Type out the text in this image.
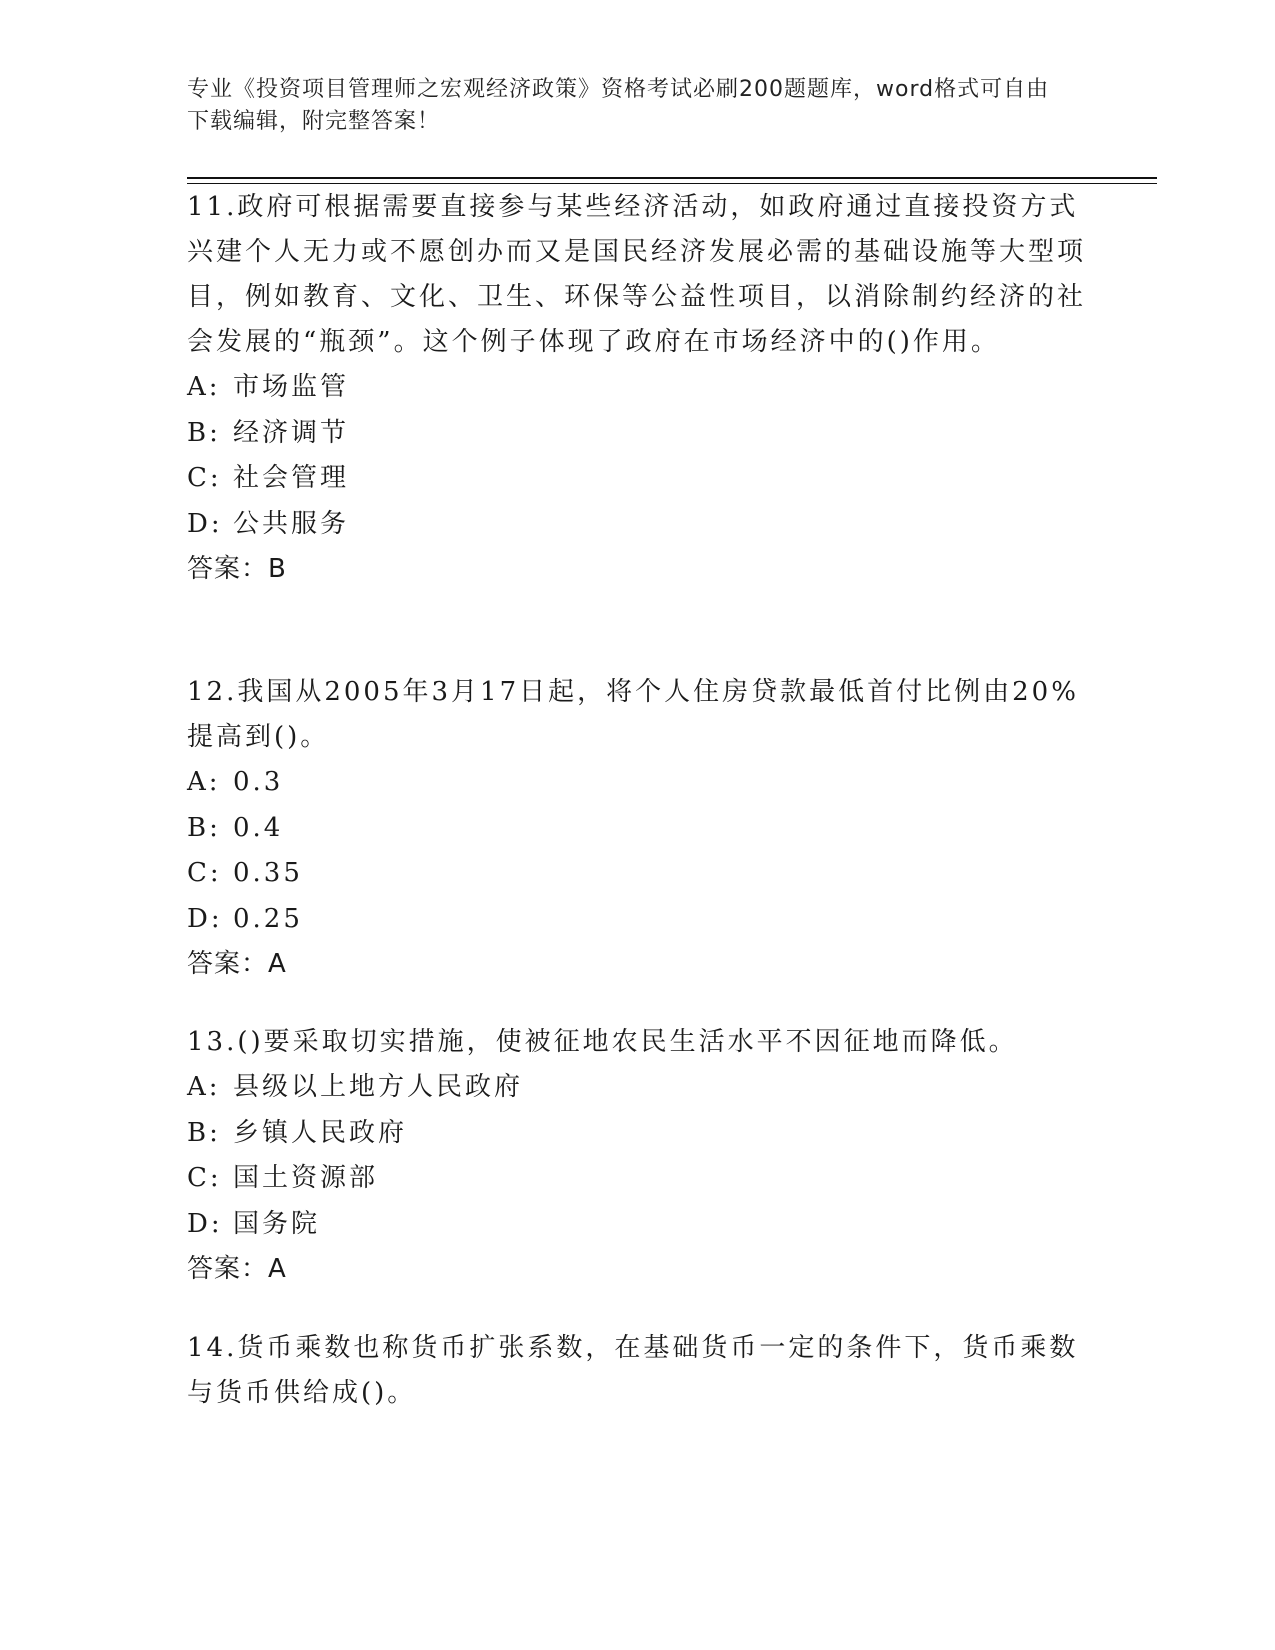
专业《投资项目管理师之宏观经济政策》资格考试必刷200题题库，word格式可自由下载编辑，附完整答案！

11.政府可根据需要直接参与某些经济活动，如政府通过直接投资方式兴建个人无力或不愿创办而又是国民经济发展必需的基础设施等大型项目，例如教育、文化、卫生、环保等公益性项目，以消除制约经济的社会发展的“瓶颈”。这个例子体现了政府在市场经济中的()作用。

A: 市场监管
B: 经济调节
C: 社会管理
D: 公共服务

答案：B

12.我国从2005年3月17日起，将个人住房贷款最低首付比例由20%提高到()。

A: 0.3
B: 0.4
C: 0.35
D: 0.25

答案：A

13.()要采取切实措施，使被征地农民生活水平不因征地而降低。

A: 县级以上地方人民政府
B: 乡镇人民政府
C: 国土资源部
D: 国务院

答案：A

14.货币乘数也称货币扩张系数，在基础货币一定的条件下，货币乘数与货币供给成()。
